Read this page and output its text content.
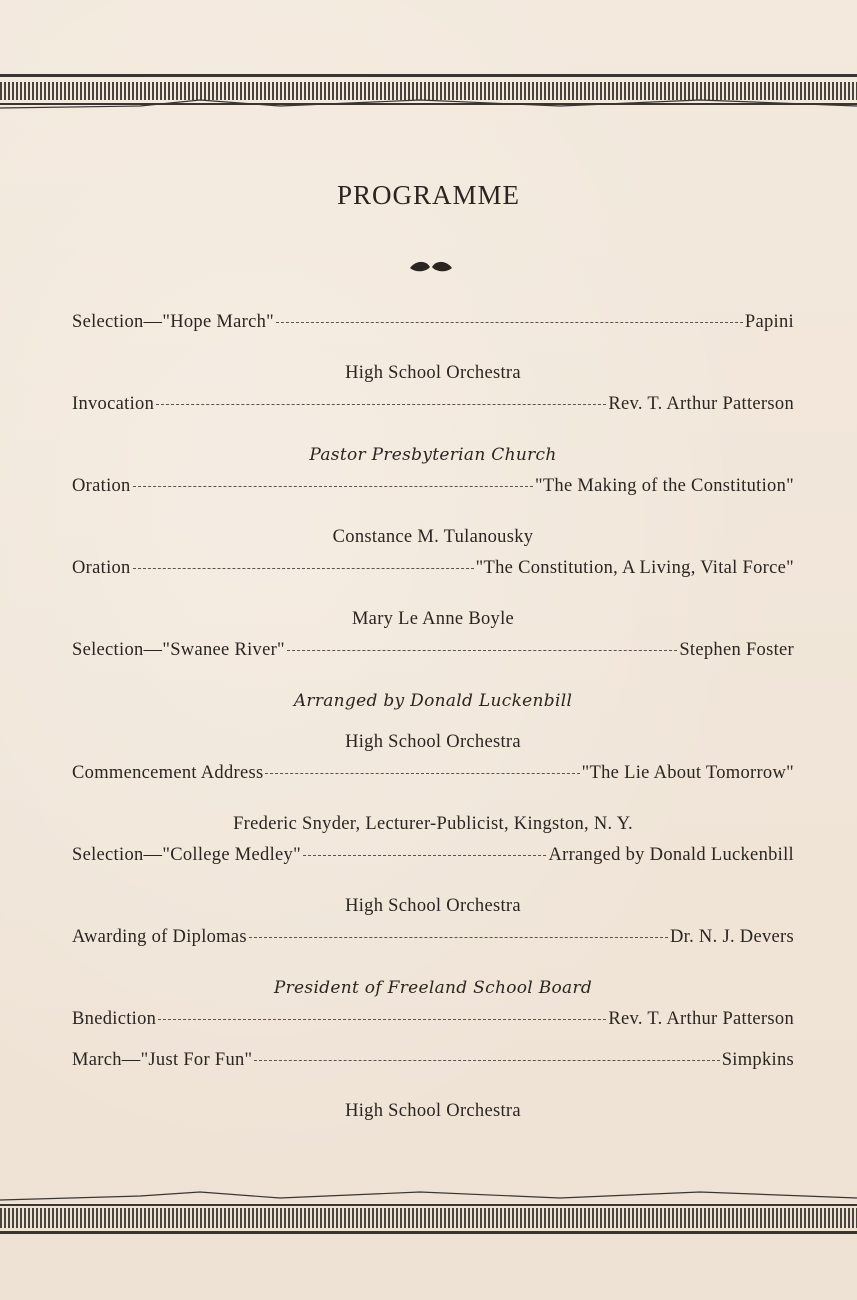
PROGRAMME
Selection—"Hope March"	Papini
High School Orchestra
Invocation	Rev. T. Arthur Patterson
Pastor Presbyterian Church
Oration	"The Making of the Constitution"
Constance M. Tulanousky
Oration	"The Constitution, A Living, Vital Force"
Mary Le Anne Boyle
Selection—"Swanee River"	Stephen Foster
Arranged by Donald Luckenbill
High School Orchestra
Commencement Address	"The Lie About Tomorrow"
Frederic Snyder, Lecturer-Publicist, Kingston, N. Y.
Selection—"College Medley"	Arranged by Donald Luckenbill
High School Orchestra
Awarding of Diplomas	Dr. N. J. Devers
President of Freeland School Board
Bnediction	Rev. T. Arthur Patterson
March—"Just For Fun"	Simpkins
High School Orchestra
